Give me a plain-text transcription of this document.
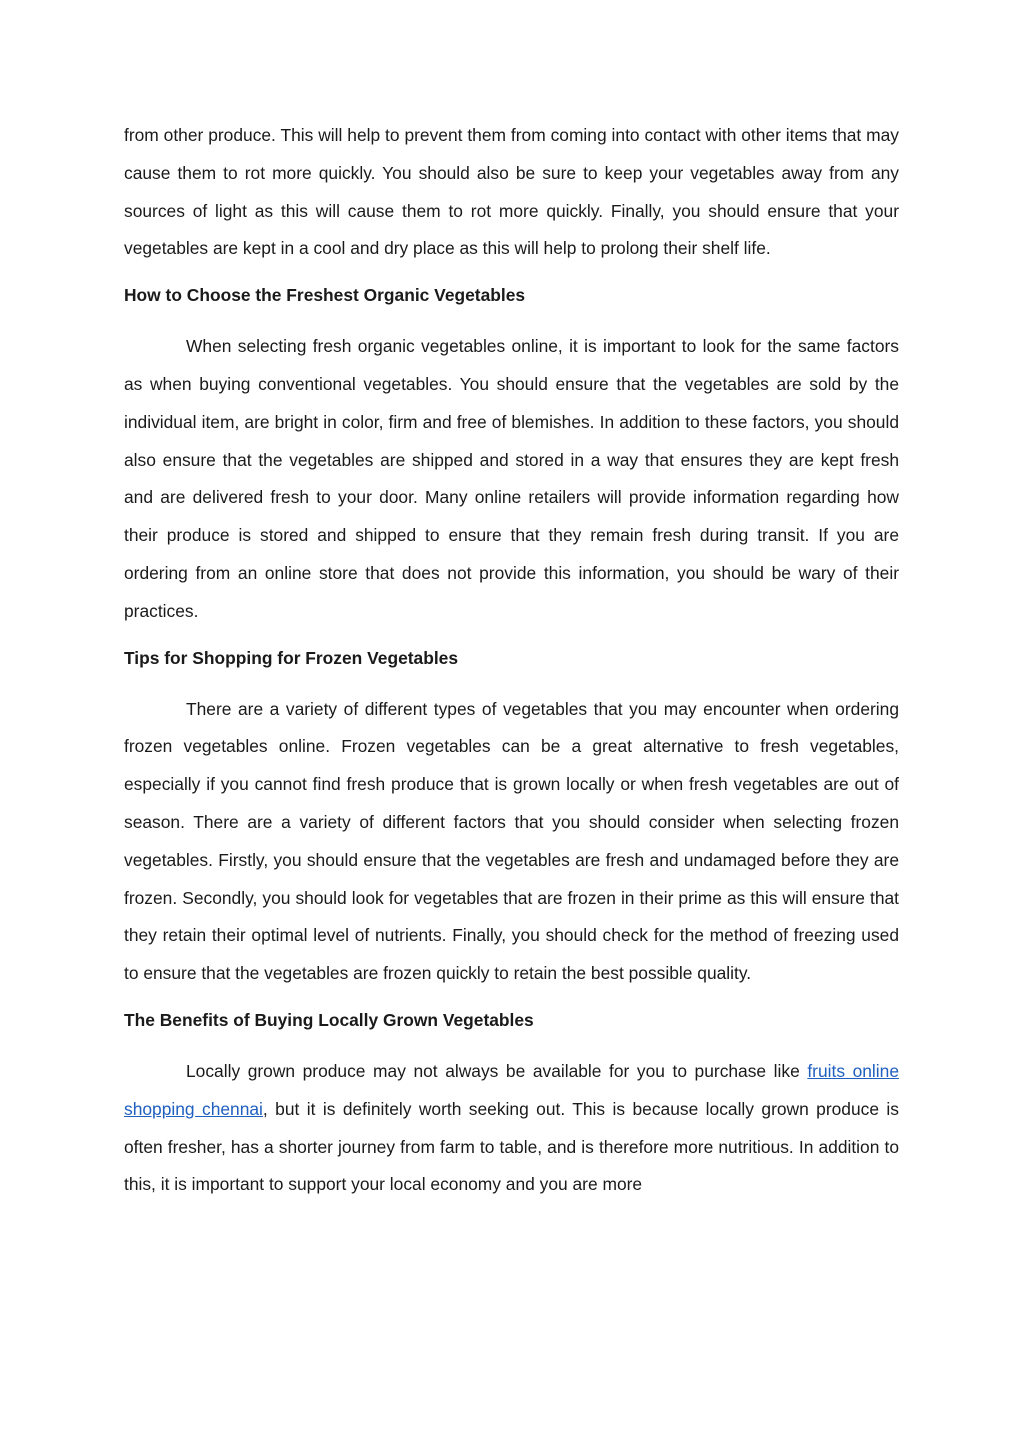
from other produce. This will help to prevent them from coming into contact with other items that may cause them to rot more quickly. You should also be sure to keep your vegetables away from any sources of light as this will cause them to rot more quickly. Finally, you should ensure that your vegetables are kept in a cool and dry place as this will help to prolong their shelf life.

How to Choose the Freshest Organic Vegetables

When selecting fresh organic vegetables online, it is important to look for the same factors as when buying conventional vegetables. You should ensure that the vegetables are sold by the individual item, are bright in color, firm and free of blemishes. In addition to these factors, you should also ensure that the vegetables are shipped and stored in a way that ensures they are kept fresh and are delivered fresh to your door. Many online retailers will provide information regarding how their produce is stored and shipped to ensure that they remain fresh during transit. If you are ordering from an online store that does not provide this information, you should be wary of their practices.

Tips for Shopping for Frozen Vegetables

There are a variety of different types of vegetables that you may encounter when ordering frozen vegetables online. Frozen vegetables can be a great alternative to fresh vegetables, especially if you cannot find fresh produce that is grown locally or when fresh vegetables are out of season. There are a variety of different factors that you should consider when selecting frozen vegetables. Firstly, you should ensure that the vegetables are fresh and undamaged before they are frozen. Secondly, you should look for vegetables that are frozen in their prime as this will ensure that they retain their optimal level of nutrients. Finally, you should check for the method of freezing used to ensure that the vegetables are frozen quickly to retain the best possible quality.

The Benefits of Buying Locally Grown Vegetables

Locally grown produce may not always be available for you to purchase like fruits online shopping chennai, but it is definitely worth seeking out. This is because locally grown produce is often fresher, has a shorter journey from farm to table, and is therefore more nutritious. In addition to this, it is important to support your local economy and you are more
